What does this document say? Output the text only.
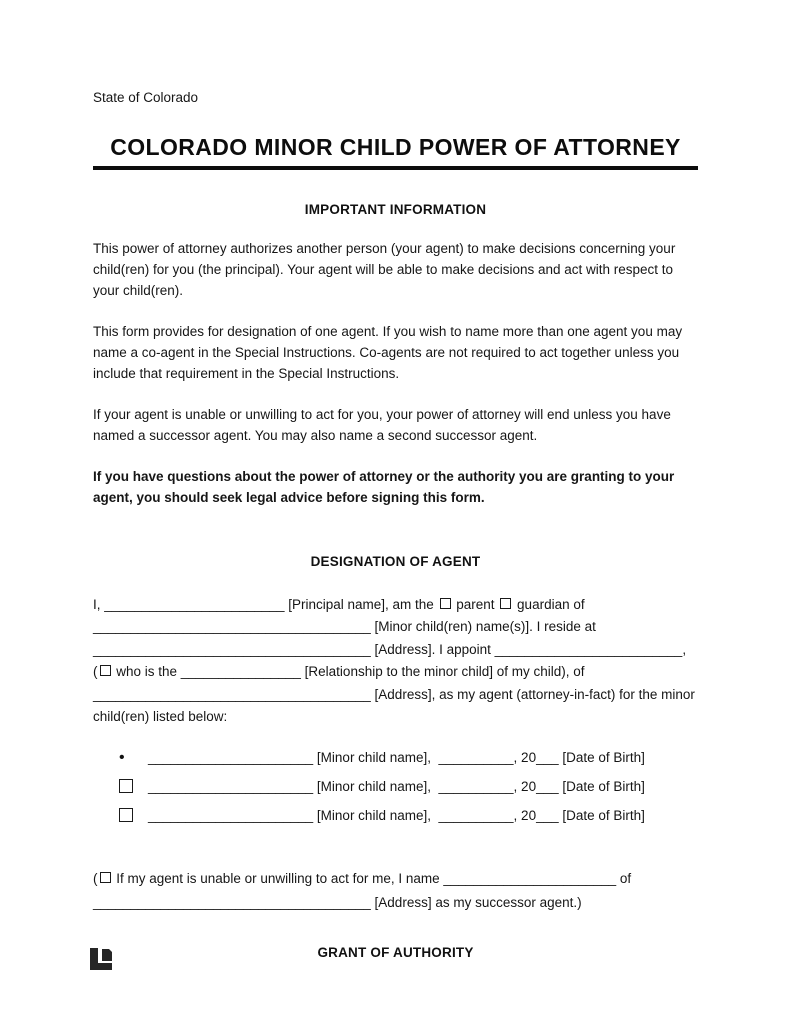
State of Colorado
COLORADO MINOR CHILD POWER OF ATTORNEY
IMPORTANT INFORMATION

This power of attorney authorizes another person (your agent) to make decisions concerning your child(ren) for you (the principal). Your agent will be able to make decisions and act with respect to your child(ren).

This form provides for designation of one agent. If you wish to name more than one agent you may name a co-agent in the Special Instructions. Co-agents are not required to act together unless you include that requirement in the Special Instructions.

If your agent is unable or unwilling to act for you, your power of attorney will end unless you have named a successor agent. You may also name a second successor agent.

If you have questions about the power of attorney or the authority you are granting to your agent, you should seek legal advice before signing this form.

DESIGNATION OF AGENT
I, ________________________ [Principal name], am the  parent  guardian of
_____________________________________ [Minor child(ren) name(s)]. I reside at
_____________________________________ [Address]. I appoint _________________________,
( who is the ________________ [Relationship to the minor child] of my child), of
_____________________________________ [Address], as my agent (attorney-in-fact) for the minor
child(ren) listed below:
•
______________________ [Minor child name],  __________, 20___ [Date of Birth]
______________________ [Minor child name],  __________, 20___ [Date of Birth]
______________________ [Minor child name],  __________, 20___ [Date of Birth]
( If my agent is unable or unwilling to act for me, I name _______________________ of
_____________________________________ [Address] as my successor agent.)
GRANT OF AUTHORITY
